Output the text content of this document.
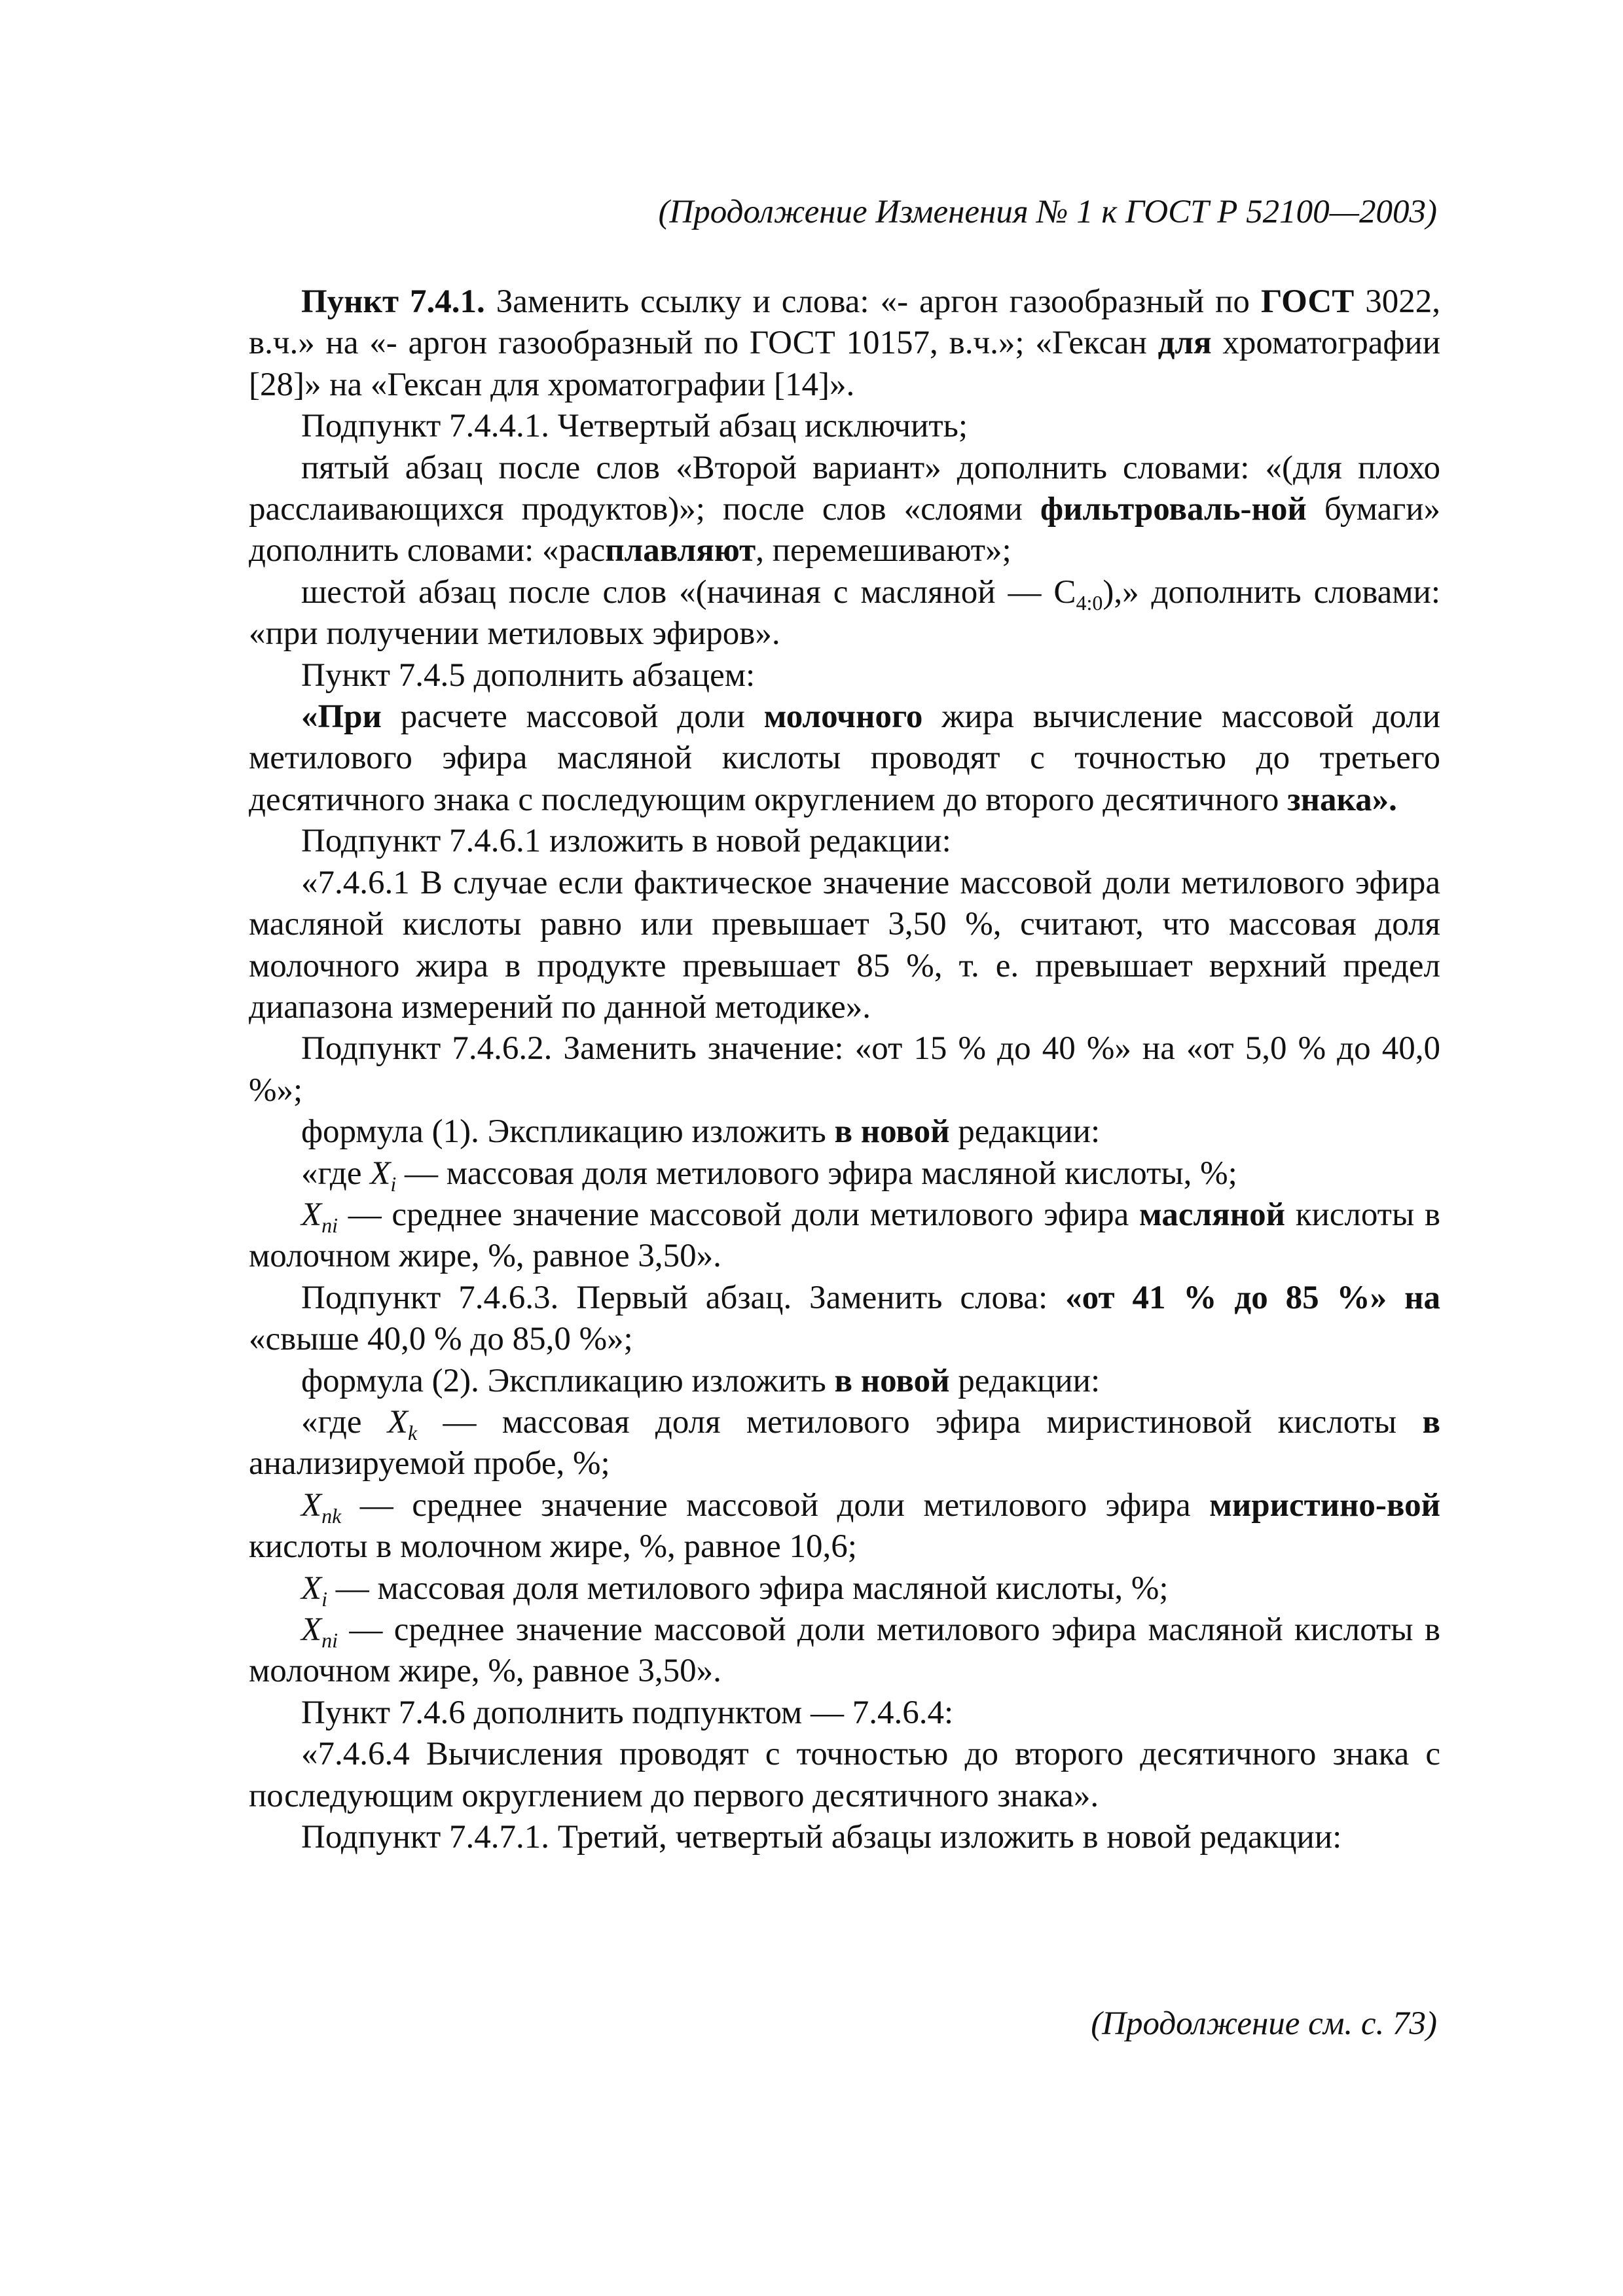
(Продолжение Изменения № 1 к ГОСТ Р 52100—2003)

Пункт 7.4.1. Заменить ссылку и слова: «- аргон газообразный по ГОСТ 3022, в.ч.» на «- аргон газообразный по ГОСТ 10157, в.ч.»; «Гексан для хроматографии [28]» на «Гексан для хроматографии [14]».

Подпункт 7.4.4.1. Четвертый абзац исключить;

пятый абзац после слов «Второй вариант» дополнить словами: «(для плохо расслаивающихся продуктов)»; после слов «слоями фильтроваль-ной бумаги» дополнить словами: «расплавляют, перемешивают»;

шестой абзац после слов «(начиная с масляной — $С_{4:0}$),» дополнить словами: «при получении метиловых эфиров».

Пункт 7.4.5 дополнить абзацем:

«При расчете массовой доли молочного жира вычисление массовой доли метилового эфира масляной кислоты проводят с точностью до третьего десятичного знака с последующим округлением до второго десятичного знака».

Подпункт 7.4.6.1 изложить в новой редакции:

«7.4.6.1 В случае если фактическое значение массовой доли метилового эфира масляной кислоты равно или превышает 3,50 %, считают, что массовая доля молочного жира в продукте превышает 85 %, т. е. превышает верхний предел диапазона измерений по данной методике».

Подпункт 7.4.6.2. Заменить значение: «от 15 % до 40 %» на «от 5,0 % до 40,0 %»;

формула (1). Экспликацию изложить в новой редакции:

«где $X_i$ — массовая доля метилового эфира масляной кислоты, %;

$X_{ni}$ — среднее значение массовой доли метилового эфира масляной кислоты в молочном жире, %, равное 3,50».

Подпункт 7.4.6.3. Первый абзац. Заменить слова: «от 41 % до 85 %» на «свыше 40,0 % до 85,0 %»;

формула (2). Экспликацию изложить в новой редакции:

«где $X_k$ — массовая доля метилового эфира миристиновой кислоты в анализируемой пробе, %;

$X_{nk}$ — среднее значение массовой доли метилового эфира миристино-вой кислоты в молочном жире, %, равное 10,6;

$X_i$ — массовая доля метилового эфира масляной кислоты, %;

$X_{ni}$ — среднее значение массовой доли метилового эфира масляной кислоты в молочном жире, %, равное 3,50».

Пункт 7.4.6 дополнить подпунктом — 7.4.6.4:

«7.4.6.4 Вычисления проводят с точностью до второго десятичного знака с последующим округлением до первого десятичного знака».

Подпункт 7.4.7.1. Третий, четвертый абзацы изложить в новой редакции:

(Продолжение см. с. 73)
